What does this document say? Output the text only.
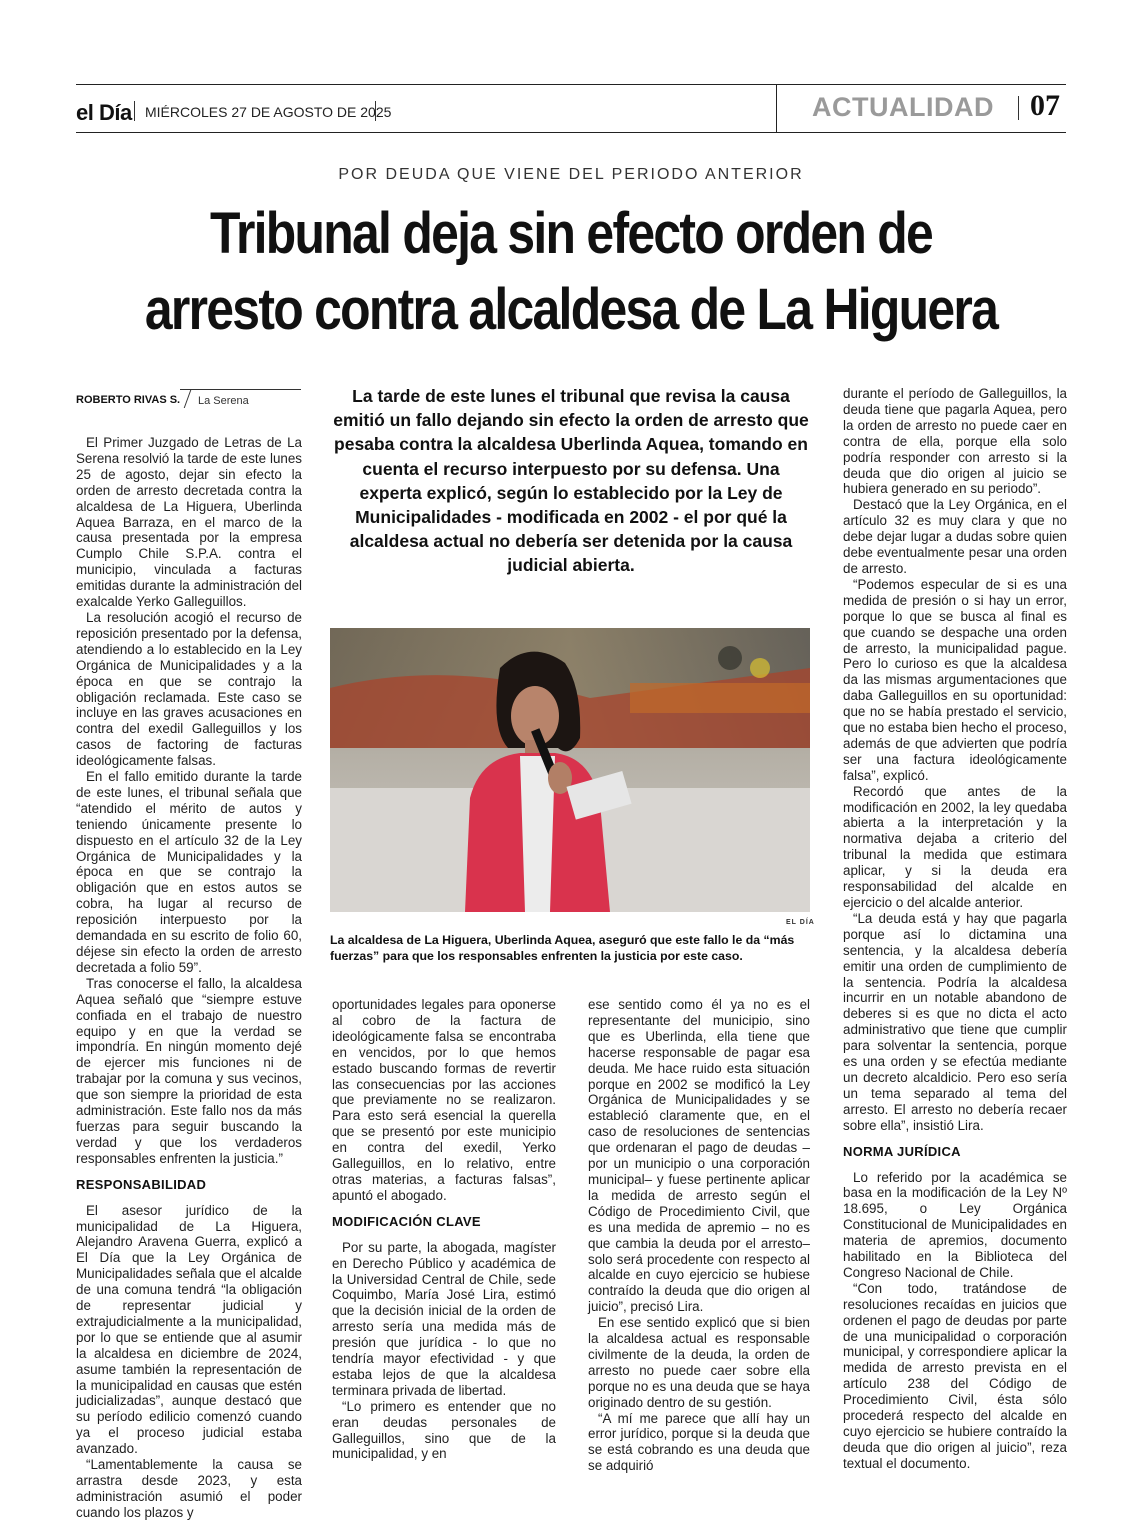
el Día MIÉRCOLES 27 DE AGOSTO DE 2025	ACTUALIDAD 07
POR DEUDA QUE VIENE DEL PERIODO ANTERIOR
Tribunal deja sin efecto orden de
arresto contra alcaldesa de La Higuera
ROBERTO RIVAS S. La Serena

El Primer Juzgado de Letras de La Serena resolvió la tarde de este lunes 25 de agosto, dejar sin efecto la orden de arresto decretada contra la alcaldesa de La Higuera, Uberlinda Aquea Barraza, en el marco de la causa presentada por la empresa Cumplo Chile S.P.A. contra el municipio, vinculada a facturas emitidas durante la administración del exalcalde Yerko Galleguillos.

La resolución acogió el recurso de reposición presentado por la defensa, atendiendo a lo establecido en la Ley Orgánica de Municipalidades y a la época en que se contrajo la obligación reclamada. Este caso se incluye en las graves acusaciones en contra del exedil Galleguillos y los casos de factoring de facturas ideológicamente falsas.

En el fallo emitido durante la tarde de este lunes, el tribunal señala que “atendido el mérito de autos y teniendo únicamente presente lo dispuesto en el artículo 32 de la Ley Orgánica de Municipalidades y la época en que se contrajo la obligación que en estos autos se cobra, ha lugar al recurso de reposición interpuesto por la demandada en su escrito de folio 60, déjese sin efecto la orden de arresto decretada a folio 59”.

Tras conocerse el fallo, la alcaldesa Aquea señaló que “siempre estuve confiada en el trabajo de nuestro equipo y en que la verdad se impondría. En ningún momento dejé de ejercer mis funciones ni de trabajar por la comuna y sus vecinos, que son siempre la prioridad de esta administración. Este fallo nos da más fuerzas para seguir buscando la verdad y que los verdaderos responsables enfrenten la justicia.”

RESPONSABILIDAD

El asesor jurídico de la municipalidad de La Higuera, Alejandro Aravena Guerra, explicó a El Día que la Ley Orgánica de Municipalidades señala que el alcalde de una comuna tendrá “la obligación de representar judicial y extrajudicialmente a la municipalidad, por lo que se entiende que al asumir la alcaldesa en diciembre de 2024, asume también la representación de la municipalidad en causas que estén judicializadas”, aunque destacó que su período edilicio comenzó cuando ya el proceso judicial estaba avanzado.

“Lamentablemente la causa se arrastra desde 2023, y esta administración asumió el poder cuando los plazos y

La tarde de este lunes el tribunal que revisa la causa emitió un fallo dejando sin efecto la orden de arresto que pesaba contra la alcaldesa Uberlinda Aquea, tomando en cuenta el recurso interpuesto por su defensa. Una experta explicó, según lo establecido por la Ley de Municipalidades - modificada en 2002 - el por qué la alcaldesa actual no debería ser detenida por la causa judicial abierta.
EL DÍA
La alcaldesa de La Higuera, Uberlinda Aquea, aseguró que este fallo le da “más fuerzas” para que los responsables enfrenten la justicia por este caso.

oportunidades legales para oponerse al cobro de la factura de ideológicamente falsa se encontraba en vencidos, por lo que hemos estado buscando formas de revertir las consecuencias por las acciones que previamente no se realizaron. Para esto será esencial la querella que se presentó por este municipio en contra del exedil, Yerko Galleguillos, en lo relativo, entre otras materias, a facturas falsas”, apuntó el abogado.

MODIFICACIÓN CLAVE

Por su parte, la abogada, magíster en Derecho Público y académica de la Universidad Central de Chile, sede Coquimbo, María José Lira, estimó que la decisión inicial de la orden de arresto sería una medida más de presión que jurídica - lo que no tendría mayor efectividad - y que estaba lejos de que la alcaldesa terminara privada de libertad.

“Lo primero es entender que no eran deudas personales de Galleguillos, sino que de la municipalidad, y en

ese sentido como él ya no es el representante del municipio, sino que es Uberlinda, ella tiene que hacerse responsable de pagar esa deuda. Me hace ruido esta situación porque en 2002 se modificó la Ley Orgánica de Municipalidades y se estableció claramente que, en el caso de resoluciones de sentencias que ordenaran el pago de deudas –por un municipio o una corporación municipal– y fuese pertinente aplicar la medida de arresto según el Código de Procedimiento Civil, que es una medida de apremio – no es que cambia la deuda por el arresto– solo será procedente con respecto al alcalde en cuyo ejercicio se hubiese contraído la deuda que dio origen al juicio”, precisó Lira.

En ese sentido explicó que si bien la alcaldesa actual es responsable civilmente de la deuda, la orden de arresto no puede caer sobre ella porque no es una deuda que se haya originado dentro de su gestión.

“A mí me parece que allí hay un error jurídico, porque si la deuda que se está cobrando es una deuda que se adquirió

durante el período de Galleguillos, la deuda tiene que pagarla Aquea, pero la orden de arresto no puede caer en contra de ella, porque ella solo podría responder con arresto si la deuda que dio origen al juicio se hubiera generado en su periodo”.

Destacó que la Ley Orgánica, en el artículo 32 es muy clara y que no debe dejar lugar a dudas sobre quien debe eventualmente pesar una orden de arresto.

“Podemos especular de si es una medida de presión o si hay un error, porque lo que se busca al final es que cuando se despache una orden de arresto, la municipalidad pague. Pero lo curioso es que la alcaldesa da las mismas argumentaciones que daba Galleguillos en su oportunidad: que no se había prestado el servicio, que no estaba bien hecho el proceso, además de que advierten que podría ser una factura ideológicamente falsa”, explicó.

Recordó que antes de la modificación en 2002, la ley quedaba abierta a la interpretación y la normativa dejaba a criterio del tribunal la medida que estimara aplicar, y si la deuda era responsabilidad del alcalde en ejercicio o del alcalde anterior.

“La deuda está y hay que pagarla porque así lo dictamina una sentencia, y la alcaldesa debería emitir una orden de cumplimiento de la sentencia. Podría la alcaldesa incurrir en un notable abandono de deberes si es que no dicta el acto administrativo que tiene que cumplir para solventar la sentencia, porque es una orden y se efectúa mediante un decreto alcaldicio. Pero eso sería un tema separado al tema del arresto. El arresto no debería recaer sobre ella”, insistió Lira.

NORMA JURÍDICA

Lo referido por la académica se basa en la modificación de la Ley Nº 18.695, o Ley Orgánica Constitucional de Municipalidades en materia de apremios, documento habilitado en la Biblioteca del Congreso Nacional de Chile.

“Con todo, tratándose de resoluciones recaídas en juicios que ordenen el pago de deudas por parte de una municipalidad o corporación municipal, y correspondiere aplicar la medida de arresto prevista en el artículo 238 del Código de Procedimiento Civil, ésta sólo procederá respecto del alcalde en cuyo ejercicio se hubiere contraído la deuda que dio origen al juicio”, reza textual el documento.
